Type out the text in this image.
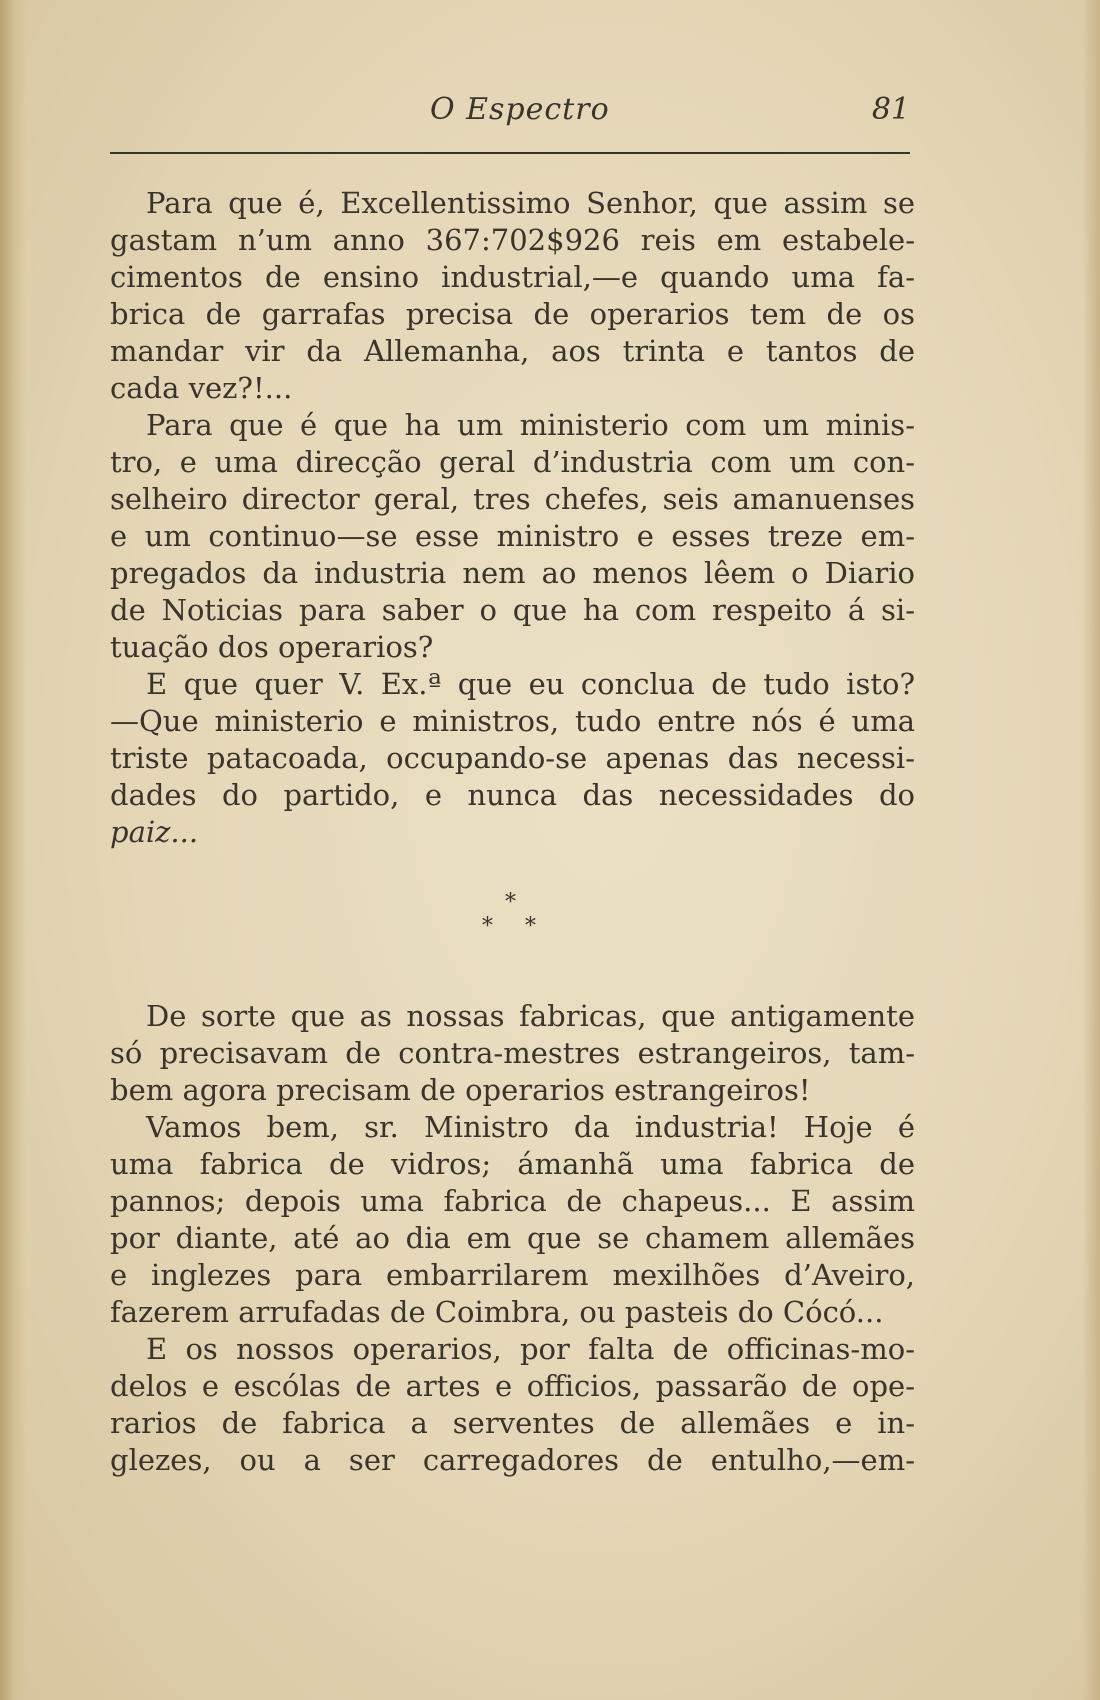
O Espectro	81
Para que é, Excellentissimo Senhor, que assim se
gastam n’um anno 367:702$926 reis em estabele-
cimentos de ensino industrial,—e quando uma fa-
brica de garrafas precisa de operarios tem de os
mandar vir da Allemanha, aos trinta e tantos de
cada vez?!...
Para que é que ha um ministerio com um minis-
tro, e uma direcção geral d’industria com um con-
selheiro director geral, tres chefes, seis amanuenses
e um continuo—se esse ministro e esses treze em-
pregados da industria nem ao menos lêem o Diario
de Noticias para saber o que ha com respeito á si-
tuação dos operarios?
E que quer V. Ex.ª que eu conclua de tudo isto?
—Que ministerio e ministros, tudo entre nós é uma
triste patacoada, occupando-se apenas das necessi-
dades do partido, e nunca das necessidades do
paiz...
*
* *
De sorte que as nossas fabricas, que antigamente
só precisavam de contra-mestres estrangeiros, tam-
bem agora precisam de operarios estrangeiros!
Vamos bem, sr. Ministro da industria! Hoje é
uma fabrica de vidros; ámanhã uma fabrica de
pannos; depois uma fabrica de chapeus... E assim
por diante, até ao dia em que se chamem allemães
e inglezes para embarrilarem mexilhões d’Aveiro,
fazerem arrufadas de Coimbra, ou pasteis do Cócó...
E os nossos operarios, por falta de officinas-mo-
delos e escólas de artes e officios, passarão de ope-
rarios de fabrica a serventes de allemães e in-
glezes, ou a ser carregadores de entulho,—em-
